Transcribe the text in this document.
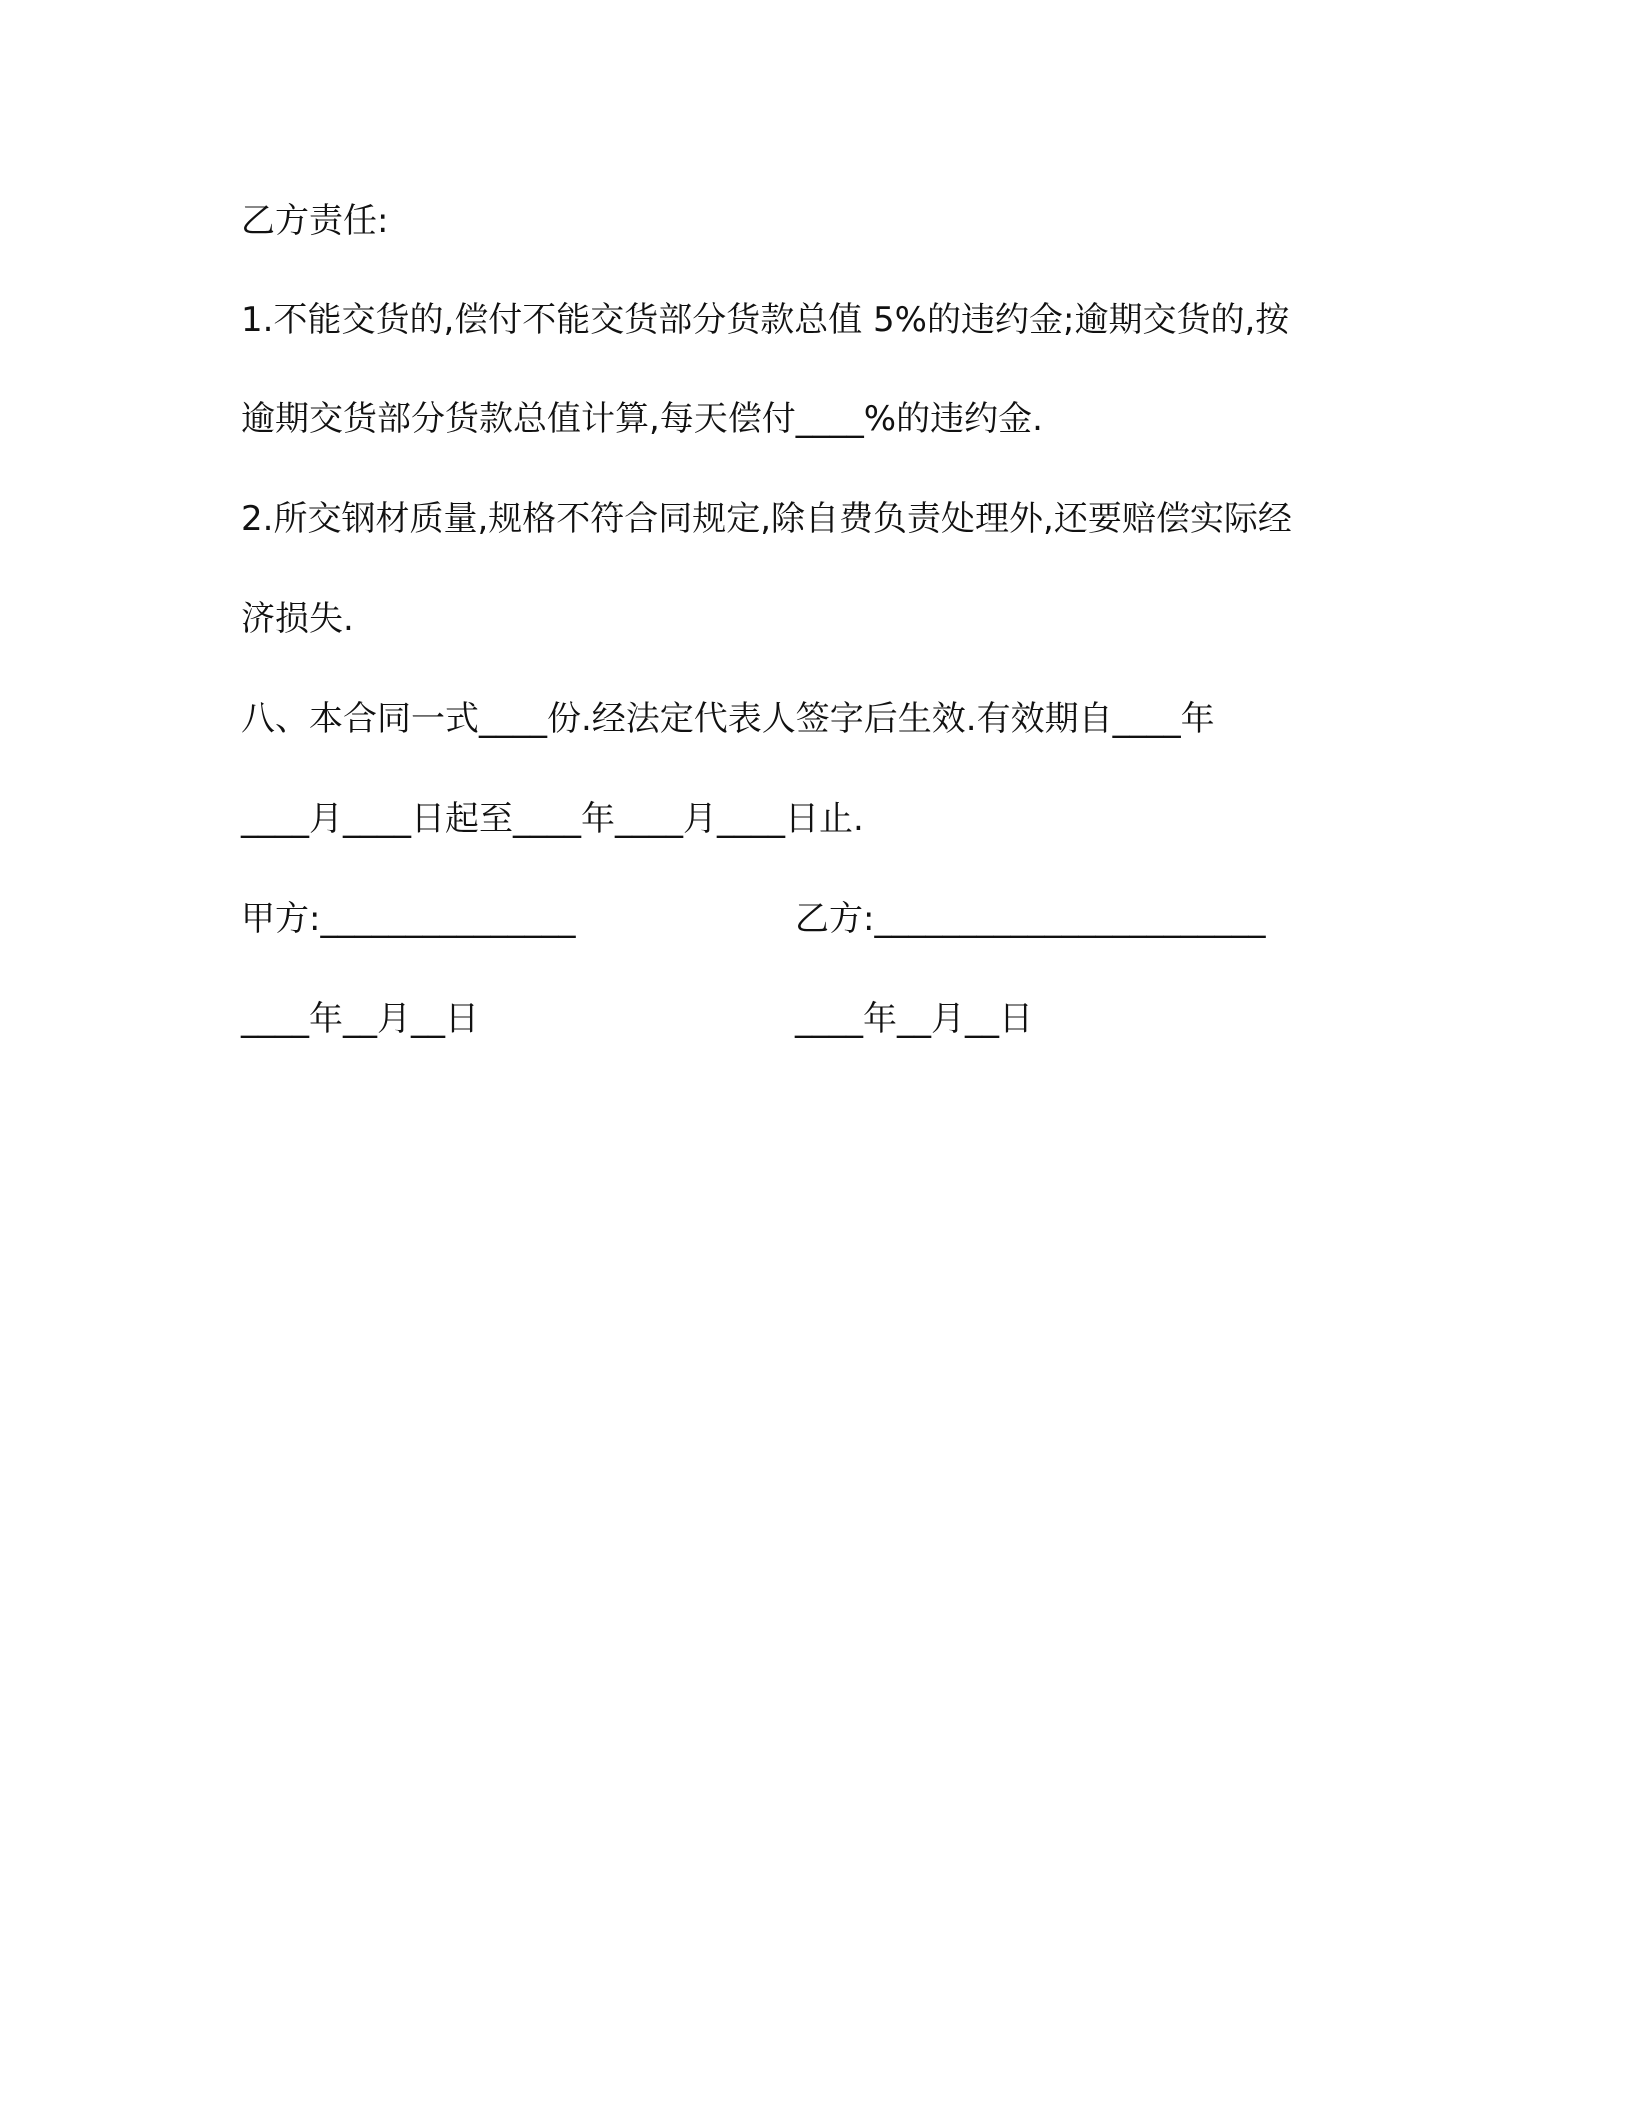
乙方责任:
1.不能交货的,偿付不能交货部分货款总值 5%的违约金;逾期交货的,按
逾期交货部分货款总值计算,每天偿付____%的违约金.
2.所交钢材质量,规格不符合同规定,除自费负责处理外,还要赔偿实际经
济损失.
八、本合同一式____份.经法定代表人签字后生效.有效期自____年
____月____日起至____年____月____日止.
甲方:_______________	乙方:_______________________
____年__月__日	____年__月__日
